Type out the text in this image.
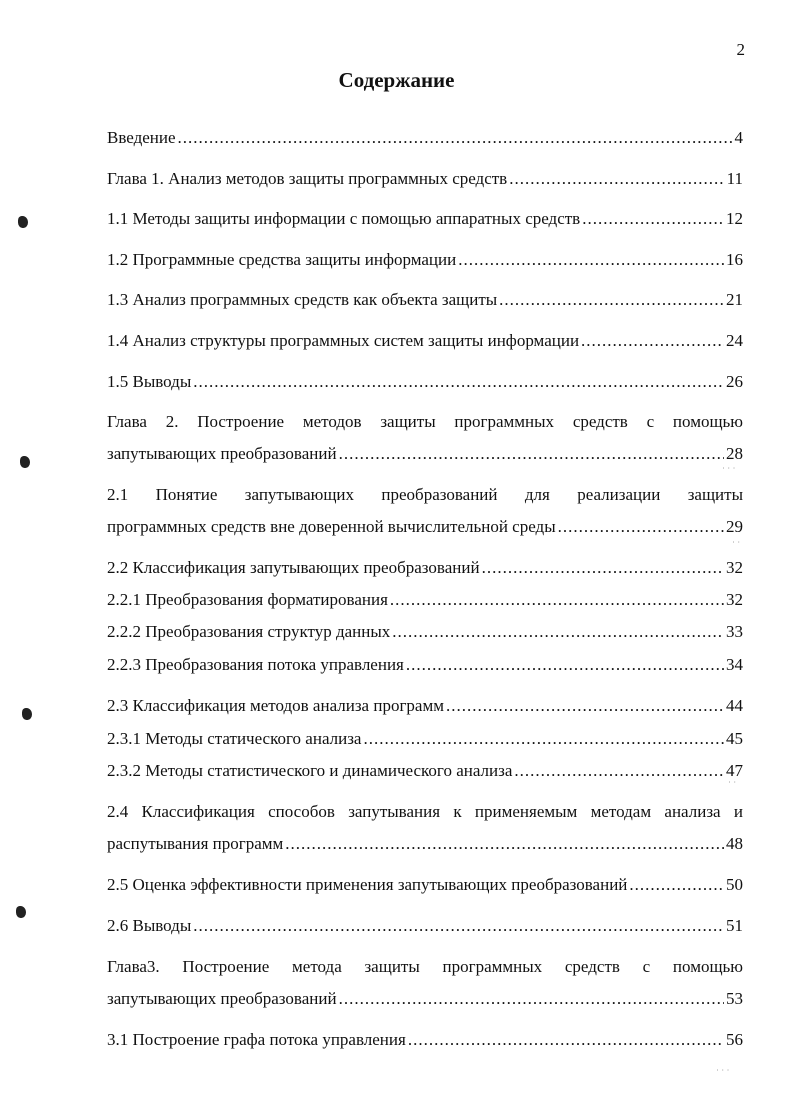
2
Содержание
Введение .....	4
Глава 1. Анализ методов защиты программных средств .....	11
1.1 Методы защиты информации с помощью аппаратных средств .....	12
1.2 Программные средства защиты информации .....	16
1.3 Анализ программных средств как объекта защиты .....	21
1.4 Анализ структуры программных систем защиты информации .....	24
1.5 Выводы .....	26
Глава 2. Построение методов защиты программных средств с помощью
запутывающих преобразований .....	28
2.1 Понятие запутывающих преобразований для реализации защиты
программных средств вне доверенной вычислительной среды .....	29
2.2 Классификация запутывающих преобразований .....	32
2.2.1 Преобразования форматирования .....	32
2.2.2 Преобразования структур данных .....	33
2.2.3 Преобразования потока управления .....	34
2.3 Классификация методов анализа программ .....	44
2.3.1 Методы статического анализа .....	45
2.3.2 Методы статистического и динамического анализа .....	47
2.4 Классификация способов запутывания к применяемым методам анализа и
распутывания программ .....	48
2.5 Оценка эффективности применения запутывающих преобразований .....	50
2.6 Выводы .....	51
Глава3. Построение метода защиты программных средств с помощью
запутывающих преобразований .....	53
3.1 Построение графа потока управления .....	56
˙ ˙ ˙
˙ ˙
˙ ˙
˙ ˙ ˙
